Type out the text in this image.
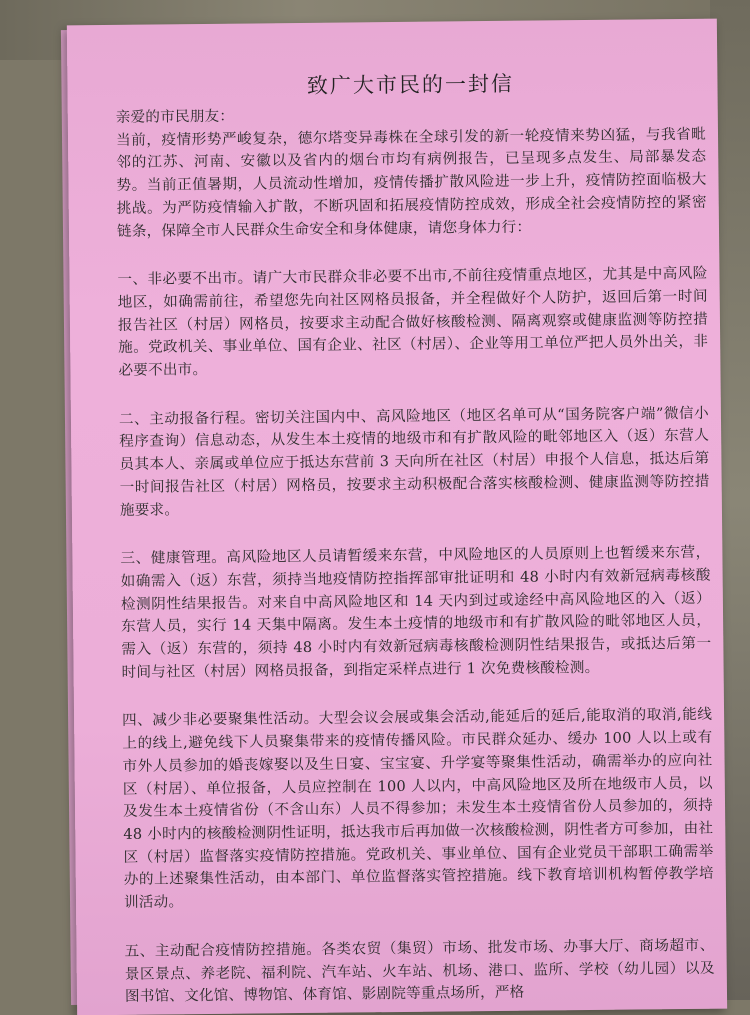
致广大市民的一封信

亲爱的市民朋友：

当前，疫情形势严峻复杂，德尔塔变异毒株在全球引发的新一轮疫情来势凶猛，与我省毗邻的江苏、河南、安徽以及省内的烟台市均有病例报告，已呈现多点发生、局部暴发态势。当前正值暑期，人员流动性增加，疫情传播扩散风险进一步上升，疫情防控面临极大挑战。为严防疫情输入扩散，不断巩固和拓展疫情防控成效，形成全社会疫情防控的紧密链条，保障全市人民群众生命安全和身体健康，请您身体力行：

一、非必要不出市。请广大市民群众非必要不出市,不前往疫情重点地区，尤其是中高风险地区，如确需前往，希望您先向社区网格员报备，并全程做好个人防护，返回后第一时间报告社区（村居）网格员，按要求主动配合做好核酸检测、隔离观察或健康监测等防控措施。党政机关、事业单位、国有企业、社区（村居）、企业等用工单位严把人员外出关，非必要不出市。

二、主动报备行程。密切关注国内中、高风险地区（地区名单可从“国务院客户端”微信小程序查询）信息动态，从发生本土疫情的地级市和有扩散风险的毗邻地区入（返）东营人员其本人、亲属或单位应于抵达东营前 3 天向所在社区（村居）申报个人信息，抵达后第一时间报告社区（村居）网格员，按要求主动积极配合落实核酸检测、健康监测等防控措施要求。

三、健康管理。高风险地区人员请暂缓来东营，中风险地区的人员原则上也暂缓来东营，如确需入（返）东营，须持当地疫情防控指挥部审批证明和 48 小时内有效新冠病毒核酸检测阴性结果报告。对来自中高风险地区和 14 天内到过或途经中高风险地区的入（返）东营人员，实行 14 天集中隔离。发生本土疫情的地级市和有扩散风险的毗邻地区人员，需入（返）东营的，须持 48 小时内有效新冠病毒核酸检测阴性结果报告，或抵达后第一时间与社区（村居）网格员报备，到指定采样点进行 1 次免费核酸检测。

四、减少非必要聚集性活动。大型会议会展或集会活动,能延后的延后,能取消的取消,能线上的线上,避免线下人员聚集带来的疫情传播风险。市民群众延办、缓办 100 人以上或有市外人员参加的婚丧嫁娶以及生日宴、宝宝宴、升学宴等聚集性活动，确需举办的应向社区（村居）、单位报备，人员应控制在 100 人以内，中高风险地区及所在地级市人员，以及发生本土疫情省份（不含山东）人员不得参加；未发生本土疫情省份人员参加的，须持 48 小时内的核酸检测阴性证明，抵达我市后再加做一次核酸检测，阴性者方可参加，由社区（村居）监督落实疫情防控措施。党政机关、事业单位、国有企业党员干部职工确需举办的上述聚集性活动，由本部门、单位监督落实管控措施。线下教育培训机构暂停教学培训活动。

五、主动配合疫情防控措施。各类农贸（集贸）市场、批发市场、办事大厅、商场超市、景区景点、养老院、福利院、汽车站、火车站、机场、港口、监所、学校（幼儿园）以及图书馆、文化馆、博物馆、体育馆、影剧院等重点场所，严格
